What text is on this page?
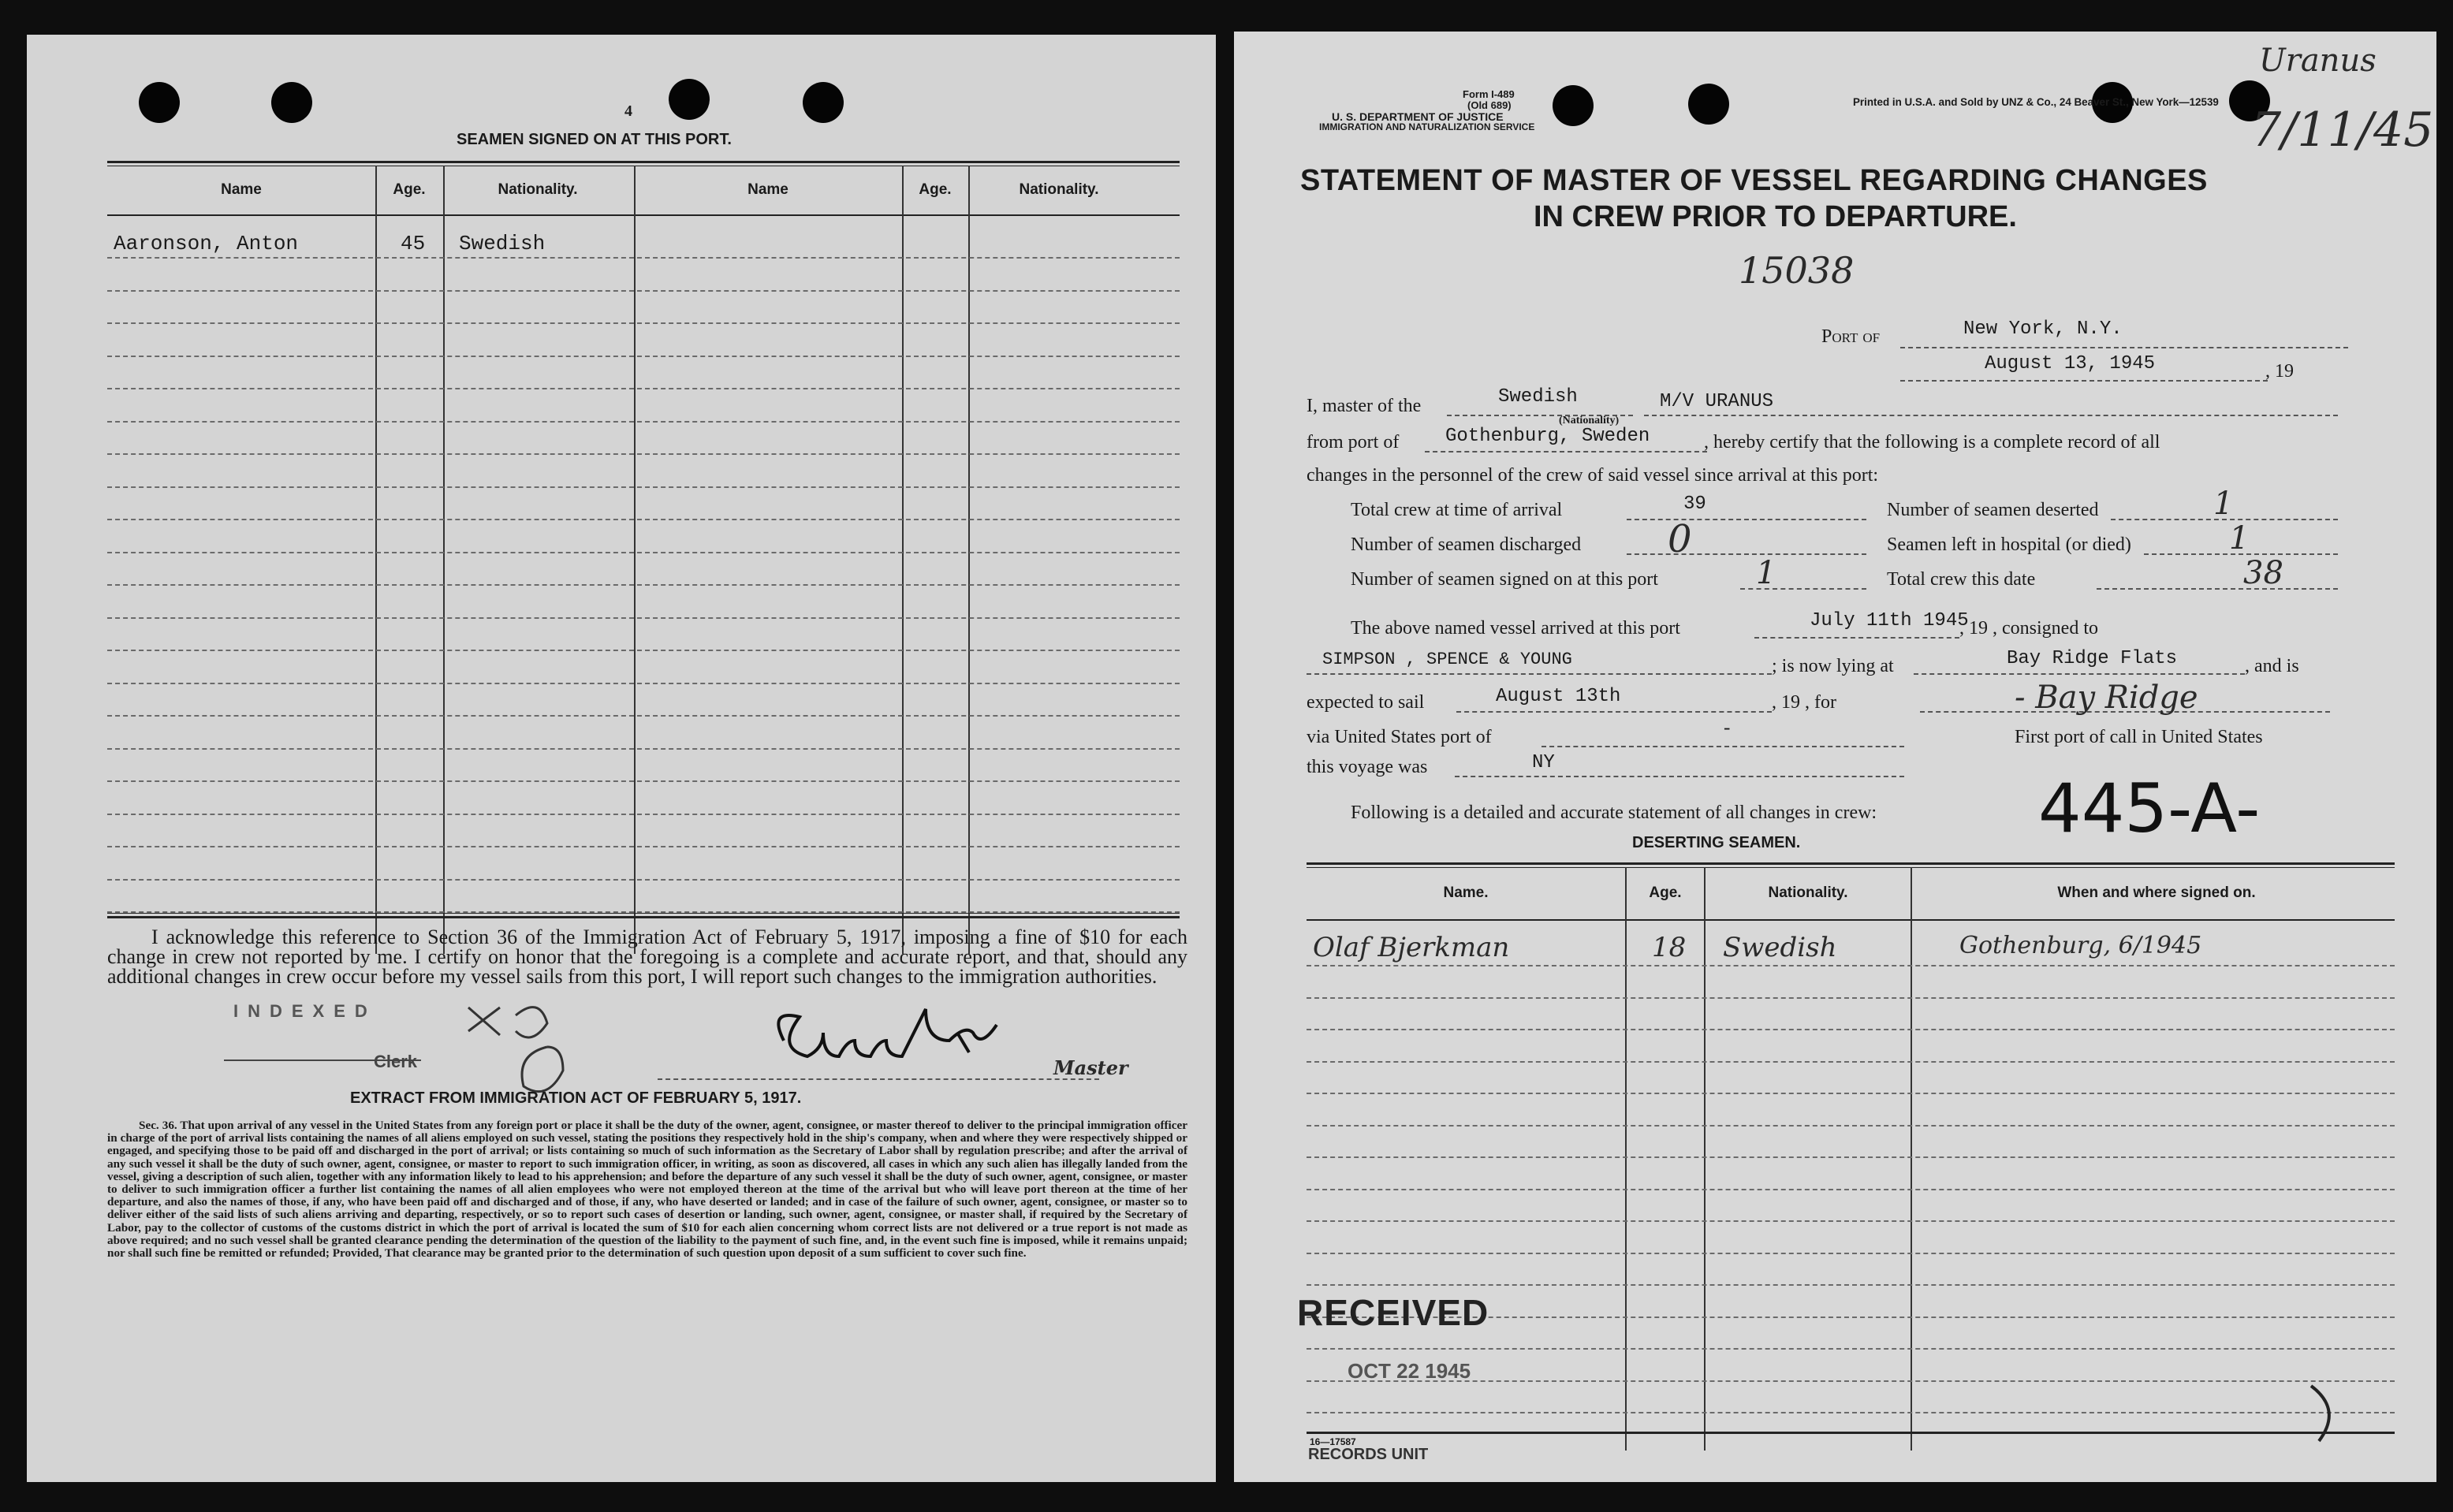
4
SEAMEN SIGNED ON AT THIS PORT.
Name	Age.	Nationality.	Name	Age.	Nationality.
Aaronson, Anton	45 Swedish
I acknowledge this reference to Section 36 of the Immigration Act of February 5, 1917, imposing a fine of $10 for each change in crew not reported by me. I certify on honor that the foregoing is a complete and accurate report, and that, should any additional changes in crew occur before my vessel sails from this port, I will report such changes to the immigration authorities.
INDEXED
Clerk	Master
EXTRACT FROM IMMIGRATION ACT OF FEBRUARY 5, 1917.
Sec. 36. That upon arrival of any vessel in the United States from any foreign port or place it shall be the duty of the owner, agent, consignee, or master thereof to deliver to the principal immigration officer in charge of the port of arrival lists containing the names of all aliens employed on such vessel, stating the positions they respectively hold in the ship's company, when and where they were respectively shipped or engaged, and specifying those to be paid off and discharged in the port of arrival; or lists containing so much of such information as the Secretary of Labor shall by regulation prescribe; and after the arrival of any such vessel it shall be the duty of such owner, agent, consignee, or master to report to such immigration officer, in writing, as soon as discovered, all cases in which any such alien has illegally landed from the vessel, giving a description of such alien, together with any information likely to lead to his apprehension; and before the departure of any such vessel it shall be the duty of such owner, agent, consignee, or master to deliver to such immigration officer a further list containing the names of all alien employees who were not employed thereon at the time of the arrival but who will leave port thereon at the time of her departure, and also the names of those, if any, who have been paid off and discharged and of those, if any, who have deserted or landed; and in case of the failure of such owner, agent, consignee, or master so to deliver either of the said lists of such aliens arriving and departing, respectively, or so to report such cases of desertion or landing, such owner, agent, consignee, or master shall, if required by the Secretary of Labor, pay to the collector of customs of the customs district in which the port of arrival is located the sum of $10 for each alien concerning whom correct lists are not delivered or a true report is not made as above required; and no such vessel shall be granted clearance pending the determination of the question of the liability to the payment of such fine, and, in the event such fine is imposed, while it remains unpaid; nor shall such fine be remitted or refunded; Provided, That clearance may be granted prior to the determination of such question upon deposit of a sum sufficient to cover such fine.
Form I-489
(Old 689)
U. S. DEPARTMENT OF JUSTICE
IMMIGRATION AND NATURALIZATION SERVICE
Printed in U.S.A. and Sold by UNZ & Co., 24 Beaver St., New York—12539
Uranus
7/11/45
STATEMENT OF MASTER OF VESSEL REGARDING CHANGES
IN CREW PRIOR TO DEPARTURE.
15038
Port of	New York, N.Y.
August 13, 1945	, 19
I, master of the	Swedish
(Nationality)
M/V URANUS
from port of Gothenburg, Sweden	, hereby certify that the following is a complete record of all
changes in the personnel of the crew of said vessel since arrival at this port:
Total crew at time of arrival	39
Number of seamen discharged 0
Number of seamen signed on at this port	1
Number of seamen deserted	1
Seamen left in hospital (or died)	1
Total crew this date	38
The above named vessel arrived at this port	July 11th 1945
, 19 , consigned to
SIMPSON , SPENCE & YOUNG	; is now lying at	Bay Ridge Flats	, and is
expected to sail	August 13th	, 19 , for	- Bay Ridge
via United States port of	-	First port of call in United States
this voyage was	NY
Following is a detailed and accurate statement of all changes in crew: 445-A-
DESERTING SEAMEN.
Name.	Age.	Nationality.	When and where signed on.
Olaf Bjerkman	18 Swedish	Gothenburg, 6/1945
RECEIVED
OCT 22 1945
16—17587
RECORDS UNIT
